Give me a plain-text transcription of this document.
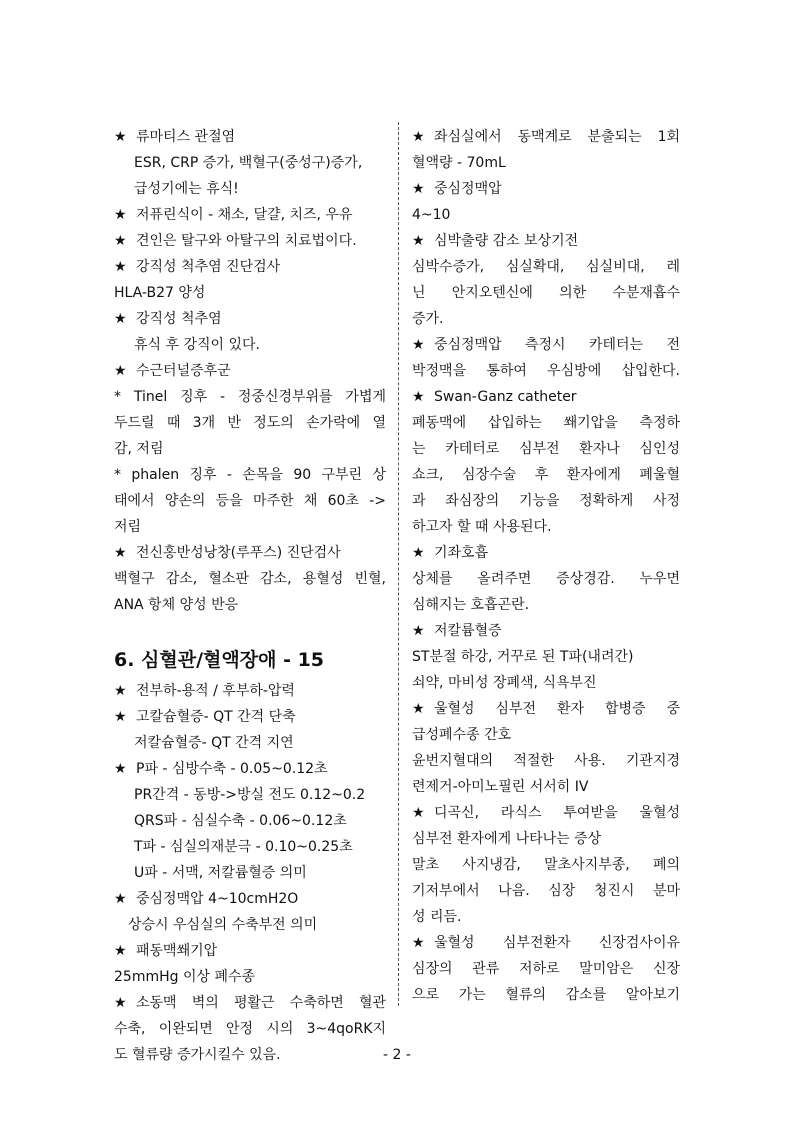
★ 류마티스 관절염
ESR, CRP 증가, 백혈구(중성구)증가,
급성기에는 휴식!
★ 저퓨린식이 - 채소, 달걀, 치즈, 우유
★ 견인은 탈구와 아탈구의 치료법이다.
★ 강직성 척추염 진단검사
HLA-B27 양성
★ 강직성 척추염
휴식 후 강직이 있다.
★ 수근터널증후군
* Tinel 징후 - 정중신경부위를 가볍게
두드릴 때 3개 반 정도의 손가락에 열
감, 저림
* phalen 징후 - 손목을 90 구부린 상
태에서 양손의 등을 마주한 채 60초 ->
저림
★ 전신홍반성낭창(루푸스) 진단검사
백혈구 감소, 혈소판 감소, 용혈성 빈혈,
ANA 항체 양성 반응
6. 심혈관/혈액장애 - 15
★ 전부하-용적 / 후부하-압력
★ 고칼슘혈증- QT 간격 단축
저칼슘혈증- QT 간격 지연
★ P파 - 심방수축 - 0.05~0.12초
PR간격 - 동방->방실 전도 0.12~0.2
QRS파 - 심실수축 - 0.06~0.12초
T파 - 심실의재분극 - 0.10~0.25초
U파 - 서맥, 저칼륨혈증 의미
★ 중심정맥압 4~10cmH2O
상승시 우심실의 수축부전 의미
★ 패동맥쐐기압
25mmHg 이상 폐수종
★ 소동맥 벽의 평활근 수축하면 혈관
수축, 이완되면 안정 시의 3~4qoRK지
도 혈류량 증가시킬수 있음.
★ 좌심실에서 동맥계로 분출되는 1회
혈액량 - 70mL
★ 중심정맥압
4~10
★ 심박출량 감소 보상기전
심박수증가, 심실확대, 심실비대, 레
닌 안지오텐신에 의한 수분재흡수
증가.
★ 중심정맥압 측정시 카테터는 전
박정맥을 통하여 우심방에 삽입한다.
★ Swan-Ganz catheter
폐동맥에 삽입하는 쐐기압을 측정하
는 카테터로 심부전 환자나 심인성
쇼크, 심장수술 후 환자에게 폐울혈
과 좌심장의 기능을 정확하게 사정
하고자 할 때 사용된다.
★ 기좌호흡
상체를 올려주면 증상경감. 누우면
심해지는 호흡곤란.
★ 저칼륨혈증
ST분절 하강, 거꾸로 된 T파(내려간)
쇠약, 마비성 장폐색, 식욕부진
★ 울혈성 심부전 환자 합병증 중
급성폐수종 간호
윤번지혈대의 적절한 사용. 기관지경
련제거-아미노필린 서서히 IV
★ 디곡신, 라식스 투여받을 울혈성
심부전 환자에게 나타나는 증상
말초 사지냉감, 말초사지부종, 폐의
기저부에서 나음. 심장 청진시 분마
성 리듬.
★ 울혈성 심부전환자 신장검사이유
심장의 관류 저하로 말미암은 신장
으로 가는 혈류의 감소를 알아보기
- 2 -
